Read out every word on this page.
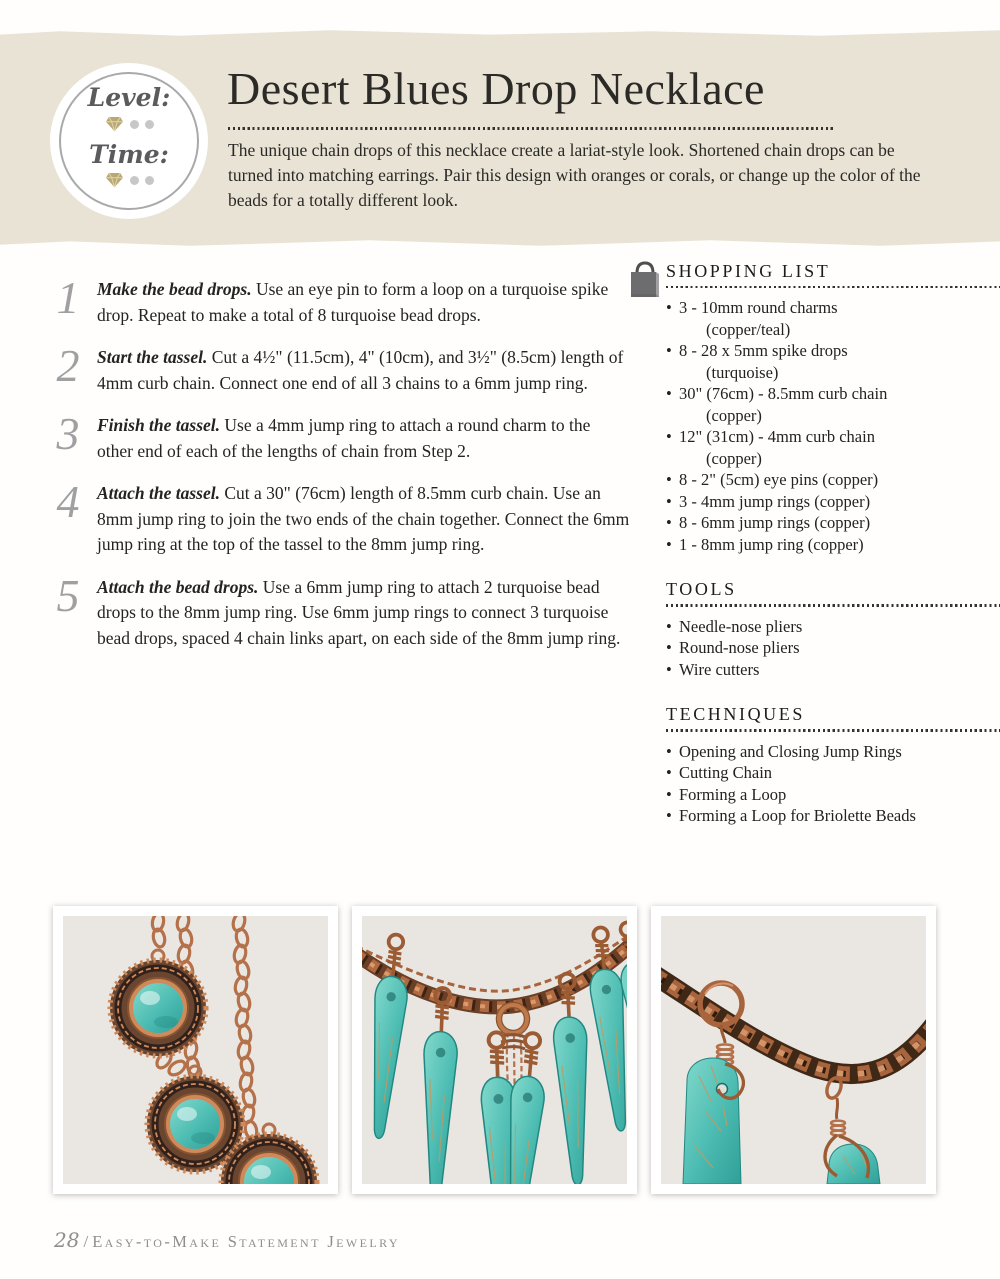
Level:
Time:
Desert Blues Drop Necklace

The unique chain drops of this necklace create a lariat-style look. Shortened chain drops can be turned into matching earrings. Pair this design with oranges or corals, or change up the color of the beads for a totally different look.

1	Make the bead drops. Use an eye pin to form a loop on a turquoise spike drop. Repeat to make a total of 8 turquoise bead drops.

2	Start the tassel. Cut a 4½" (11.5cm), 4" (10cm), and 3½" (8.5cm) length of 4mm curb chain. Connect one end of all 3 chains to a 6mm jump ring.

3	Finish the tassel. Use a 4mm jump ring to attach a round charm to the other end of each of the lengths of chain from Step 2.

4	Attach the tassel. Cut a 30" (76cm) length of 8.5mm curb chain. Use an 8mm jump ring to join the two ends of the chain together. Connect the 6mm jump ring at the top of the tassel to the 8mm jump ring.

5	Attach the bead drops. Use a 6mm jump ring to attach 2 turquoise bead drops to the 8mm jump ring. Use 6mm jump rings to connect 3 turquoise bead drops, spaced 4 chain links apart, on each side of the 8mm jump ring.

SHOPPING LIST
• 3 - 10mm round charms
(copper/teal)
• 8 - 28 x 5mm spike drops
(turquoise)
• 30" (76cm) - 8.5mm curb chain
(copper)
• 12" (31cm) - 4mm curb chain
(copper)
• 8 - 2" (5cm) eye pins (copper)
• 3 - 4mm jump rings (copper)
• 8 - 6mm jump rings (copper)
• 1 - 8mm jump ring (copper)
TOOLS
• Needle-nose pliers
• Round-nose pliers
• Wire cutters
TECHNIQUES
• Opening and Closing Jump Rings
• Cutting Chain
• Forming a Loop
• Forming a Loop for Briolette Beads
28 / Easy-to-Make Statement Jewelry
